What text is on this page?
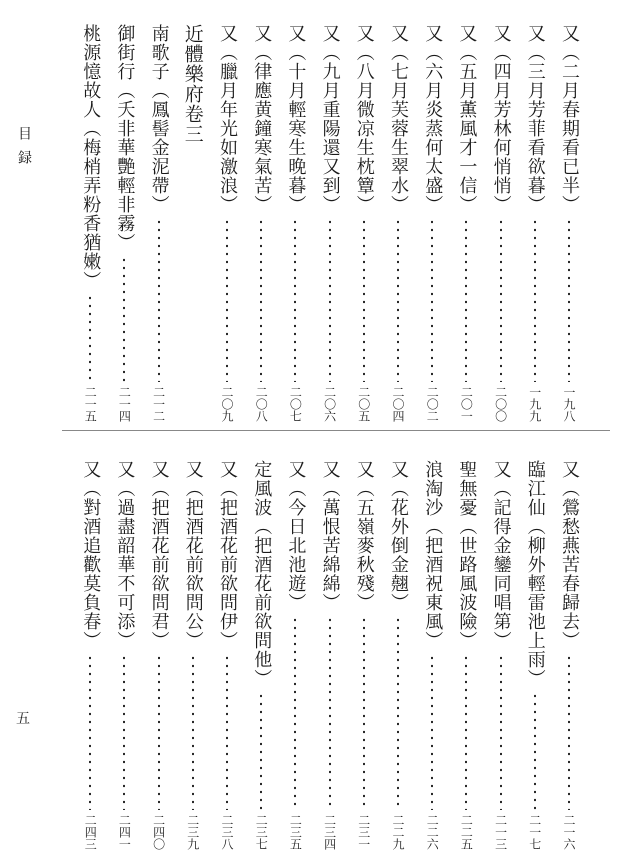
目録
五
又（二月春期看已半）
一九八
又（三月芳菲看欲暮）
一九九
又（四月芳林何悄悄）
二〇〇
又（五月薫風才一信）
二〇一
又（六月炎蒸何太盛）
二〇二
又（七月芙蓉生翠水）
二〇四
又（八月微凉生枕簟）
二〇五
又（九月重陽還又到）
二〇六
又（十月輕寒生晚暮）
二〇七
又（律應黄鐘寒氣苦）
二〇八
又（臘月年光如激浪）
二〇九
近體樂府卷三
南歌子（鳳髻金泥帶）
二一二
御街行（夭非華艷輕非霧）
二一四
桃源憶故人（梅梢弄粉香猶嫩）
二一五
又（鶯愁燕苦春歸去）
二一六
臨江仙（柳外輕雷池上雨）
二一七
又（記得金鑾同唱第）
二一三
聖無憂（世路風波險）
二二五
浪淘沙（把酒祝東風）
二二六
又（花外倒金翹）
二二九
又（五嶺麥秋殘）
二三一
又（萬恨苦綿綿）
二三四
又（今日北池遊）
二三五
定風波（把酒花前欲問他）
二三七
又（把酒花前欲問伊）
二三八
又（把酒花前欲問公）
二三九
又（把酒花前欲問君）
二四〇
又（過盡韶華不可添）
二四一
又（對酒追歡莫負春）
二四三
